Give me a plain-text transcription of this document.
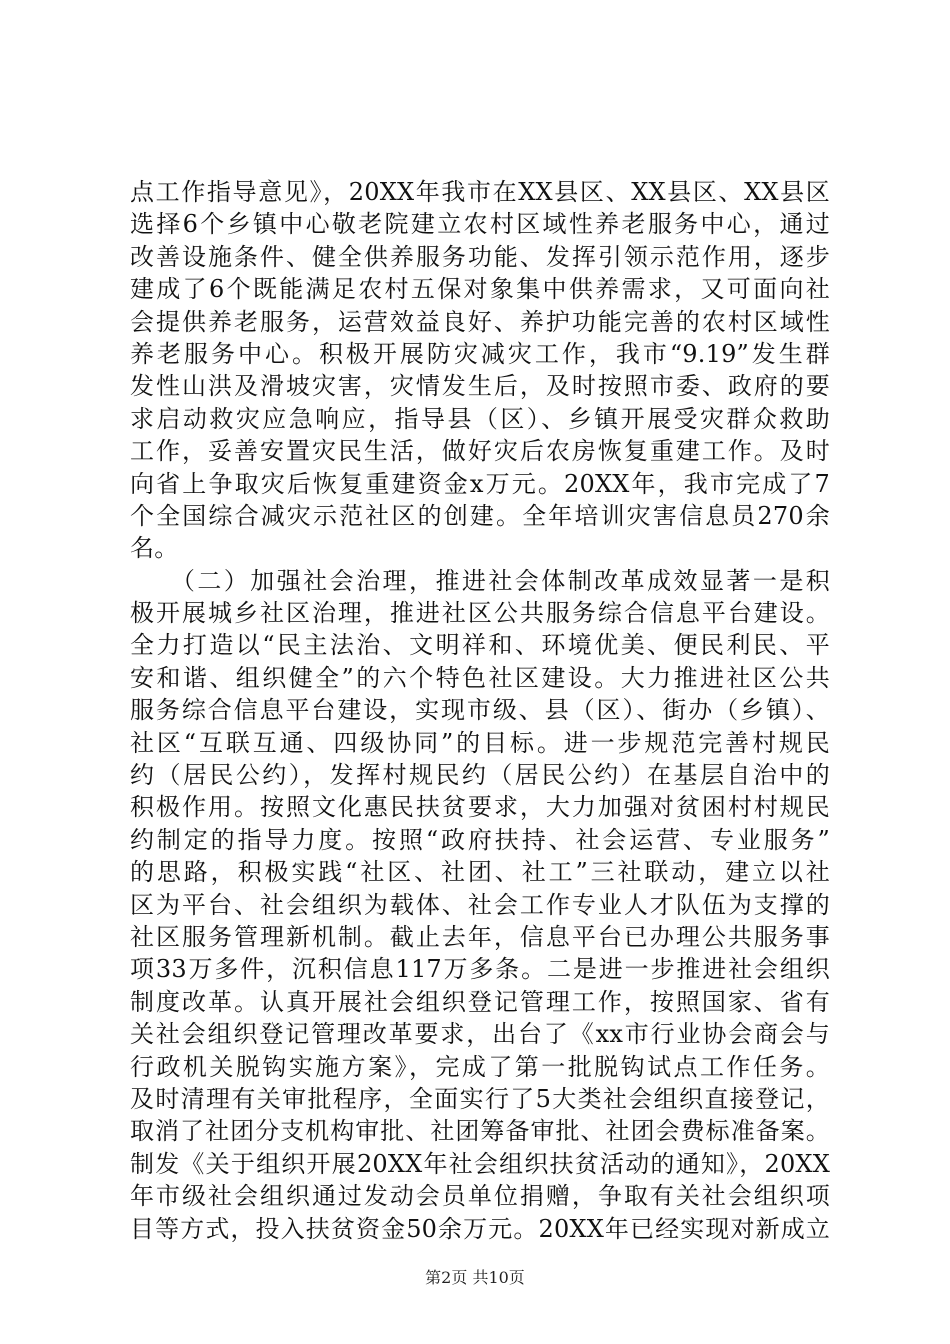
点工作指导意见》，20XX年我市在XX县区、XX县区、XX县区
选择6个乡镇中心敬老院建立农村区域性养老服务中心，通过
改善设施条件、健全供养服务功能、发挥引领示范作用，逐步
建成了6个既能满足农村五保对象集中供养需求，又可面向社
会提供养老服务，运营效益良好、养护功能完善的农村区域性
养老服务中心。积极开展防灾减灾工作，我市“9.19”发生群
发性山洪及滑坡灾害，灾情发生后，及时按照市委、政府的要
求启动救灾应急响应，指导县（区）、乡镇开展受灾群众救助
工作，妥善安置灾民生活，做好灾后农房恢复重建工作。及时
向省上争取灾后恢复重建资金x万元。20XX年，我市完成了7
个全国综合减灾示范社区的创建。全年培训灾害信息员270余
名。
　　（二）加强社会治理，推进社会体制改革成效显著一是积
极开展城乡社区治理，推进社区公共服务综合信息平台建设。
全力打造以“民主法治、文明祥和、环境优美、便民利民、平
安和谐、组织健全”的六个特色社区建设。大力推进社区公共
服务综合信息平台建设，实现市级、县（区）、街办（乡镇）、
社区“互联互通、四级协同”的目标。进一步规范完善村规民
约（居民公约），发挥村规民约（居民公约）在基层自治中的
积极作用。按照文化惠民扶贫要求，大力加强对贫困村村规民
约制定的指导力度。按照“政府扶持、社会运营、专业服务”
的思路，积极实践“社区、社团、社工”三社联动，建立以社
区为平台、社会组织为载体、社会工作专业人才队伍为支撑的
社区服务管理新机制。截止去年，信息平台已办理公共服务事
项33万多件，沉积信息117万多条。二是进一步推进社会组织
制度改革。认真开展社会组织登记管理工作，按照国家、省有
关社会组织登记管理改革要求，出台了《xx市行业协会商会与
行政机关脱钩实施方案》，完成了第一批脱钩试点工作任务。
及时清理有关审批程序，全面实行了5大类社会组织直接登记，
取消了社团分支机构审批、社团筹备审批、社团会费标准备案。
制发《关于组织开展20XX年社会组织扶贫活动的通知》，20XX
年市级社会组织通过发动会员单位捐赠，争取有关社会组织项
目等方式，投入扶贫资金50余万元。20XX年已经实现对新成立
第2页 共10页
